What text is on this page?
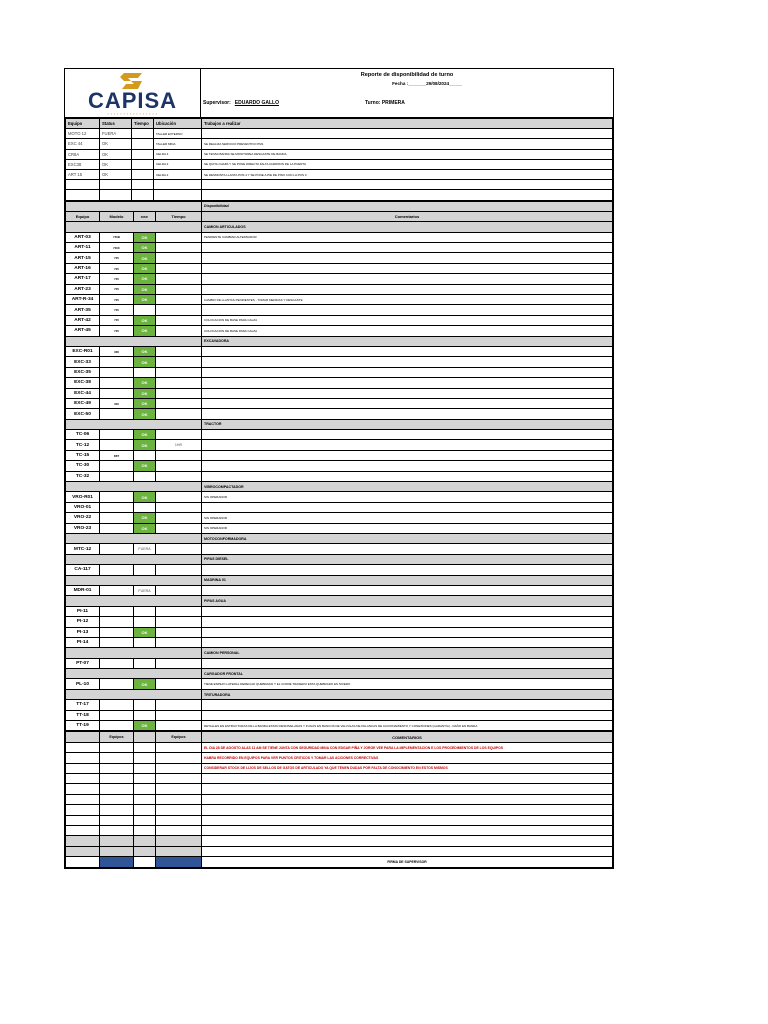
CAPISA
▪ ▪ ▪ ▪ ▪ ▪ ▪ ▪ ▪ ▪ ▪ ▪ ▪ ▪ ▪ ▪
Reporte de disponibilidad de turno
Fecha :_______29/08/2024_____
Supervisor: EDUARDO GALLO	Turno: PRIMERA
Equipo	Status	Tiempo	Ubicación	Trabajos a realizar
MOTO 12	FUERA		TALLER EXTERNO	
EXC 44	OK		TALLER MINA	SE REALIZA SERVICIO PREVENTIVO PM1
CR8A	OK		CELDA 3	SE TENSA BANDA SE MONITOREA DESGASTE DE BANDA
EXC38	OK		CELDA 3	SE QUITA CHAPA Y SE PONE DIRECTA FALTA CHIRRION DE LA PUERTA
ART 15	OK		CELDA 2	SE DESMONTA LLANTA POS 4 Y SE PONE A PIE DE PISO CON LA POS 3

				Disponibilidad
Equipo	Modelo	DISP.	Tiempo	Comentarios
				CAMION ARTICULADOS
ART-03	740B	OK		PENDIENTE CAMBIAR ALTERNADOR
ART-11	740C	OK		
ART-15	745	OK		
ART-16	745	OK		
ART-17	745	OK		
ART-23	745	OK		
ART-R-34	745	OK		CAMBIO DE LLANTAS PENDIENTES - TOMAR MEDIDAS Y DESGASTE
ART-35	745			
ART-42	745	OK		COLOCACION DE BASE PARA CALZA
ART-45	745	OK		COLOCACION DE BASE PARA CALZA
				EXCAVADORA
EXC-R01	336	OK		
EXC-33		OK		
EXC-35				
EXC-38		OK		
EXC-44		OK		
EXC-49	340	OK		
EXC-50		OK		
				TRACTOR
TC-06		OK		
TC-12		OK	1HR	
TC-15	D6T			
TC-30		OK		
TC-32				
				VIBROCOMPACTADOR
VRO-R01		OK		SIN OPERADOR
VRO-01				
VRO-22		OK		SIN OPERADOR
VRO-23		OK		SIN OPERADOR
				MOTOCONFORMADORA
MTC-12		FUERA		
				PIPAS DIESEL
CA-117				
				MADRINA 01
MDR-01		FUERA		
				PIPAS AGUA
PI-11				
PI-12				
PI-13		OK		
PI-14				
				CAMION PERSONAL
PT-07				
				CARGADOR FRONTAL
PL-10		OK		TIENE ESPEJO LATERAL DERECHO QUEBRADO Y EL COFRE TRASERO ESTA QUEBRADO ES NIVERO
				TRITURADORA
TT-17				
TT-18				
TT-19		OK		DETALLES EN ESTRUCTURAS DE LA BANDA ESTAN DESNIVELADAS Y FUGAS EN BANCOS DE VALVULAS DE PALANCAS DE ACCIONAMIENTO Y CONEXIONES (GARANTIA) - DAÑO EN BANDA
	Equipos		Equipos	COMENTARIOS
				EL DIA 28 DE AGOSTO ALAS 11 AM SE TIENE JUNTA CON SEGURIDAD MINA CON EDGAR PIÑA Y JORGE VEE PARA LA IMPLEMENTACION E LOS PROCEDIMIENTOS DE LOS EQUIPOS
				HABRA RECORRIDO EN EQUIPOS PARA VER PUNTOS CRITICOS Y TOMAR LAS ACCIONES CORRECTIVAS
				CONSIDERAR STOCK DE LIJOS DE SELLOS DE GATOS DE ARTICULADO YA QUE TENEN DUDAS POR FALTA DE CONOCIMIENTO EN ESTOS MISMOS

				FIRMA DE SUPERVISOR
